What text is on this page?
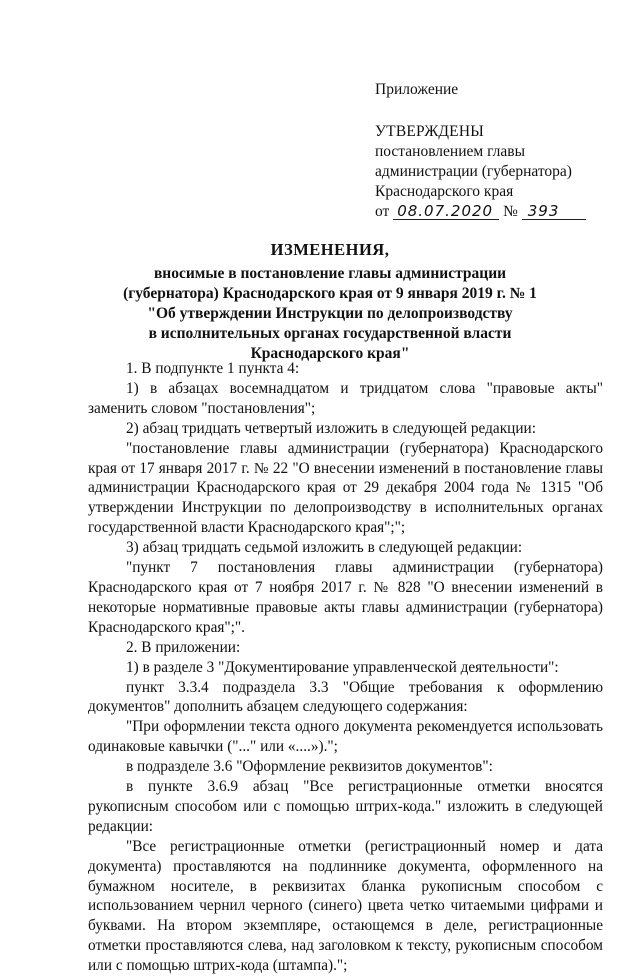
Приложение
УТВЕРЖДЕНЫ
постановлением главы
администрации (губернатора)
Краснодарского края
от 08.07.2020 № 393
ИЗМЕНЕНИЯ,
вносимые в постановление главы администрации
(губернатора) Краснодарского края от 9 января 2019 г. № 1
"Об утверждении Инструкции по делопроизводству
в исполнительных органах государственной власти
Краснодарского края"

1. В подпункте 1 пункта 4:

1) в абзацах восемнадцатом и тридцатом слова "правовые акты" заменить словом "постановления";

2) абзац тридцать четвертый изложить в следующей редакции:

"постановление главы администрации (губернатора) Краснодарского края от 17 января 2017 г. № 22 "О внесении изменений в постановление главы администрации Краснодарского края от 29 декабря 2004 года № 1315 "Об утверждении Инструкции по делопроизводству в исполнительных органах государственной власти Краснодарского края";";

3) абзац тридцать седьмой изложить в следующей редакции:

"пункт 7 постановления главы администрации (губернатора) Краснодарского края от 7 ноября 2017 г. № 828 "О внесении изменений в некоторые нормативные правовые акты главы администрации (губернатора) Краснодарского края";".

2. В приложении:

1) в разделе 3 "Документирование управленческой деятельности":

пункт 3.3.4 подраздела 3.3 "Общие требования к оформлению документов" дополнить абзацем следующего содержания:

"При оформлении текста одного документа рекомендуется использовать одинаковые кавычки ("..." или «....»).";

в подразделе 3.6 "Оформление реквизитов документов":

в пункте 3.6.9 абзац "Все регистрационные отметки вносятся рукописным способом или с помощью штрих-кода." изложить в следующей редакции:

"Все регистрационные отметки (регистрационный номер и дата документа) проставляются на подлиннике документа, оформленного на бумажном носителе, в реквизитах бланка рукописным способом с использованием чернил черного (синего) цвета четко читаемыми цифрами и буквами. На втором экземпляре, остающемся в деле, регистрационные отметки проставляются слева, над заголовком к тексту, рукописным способом или с помощью штрих-кода (штампа).";
